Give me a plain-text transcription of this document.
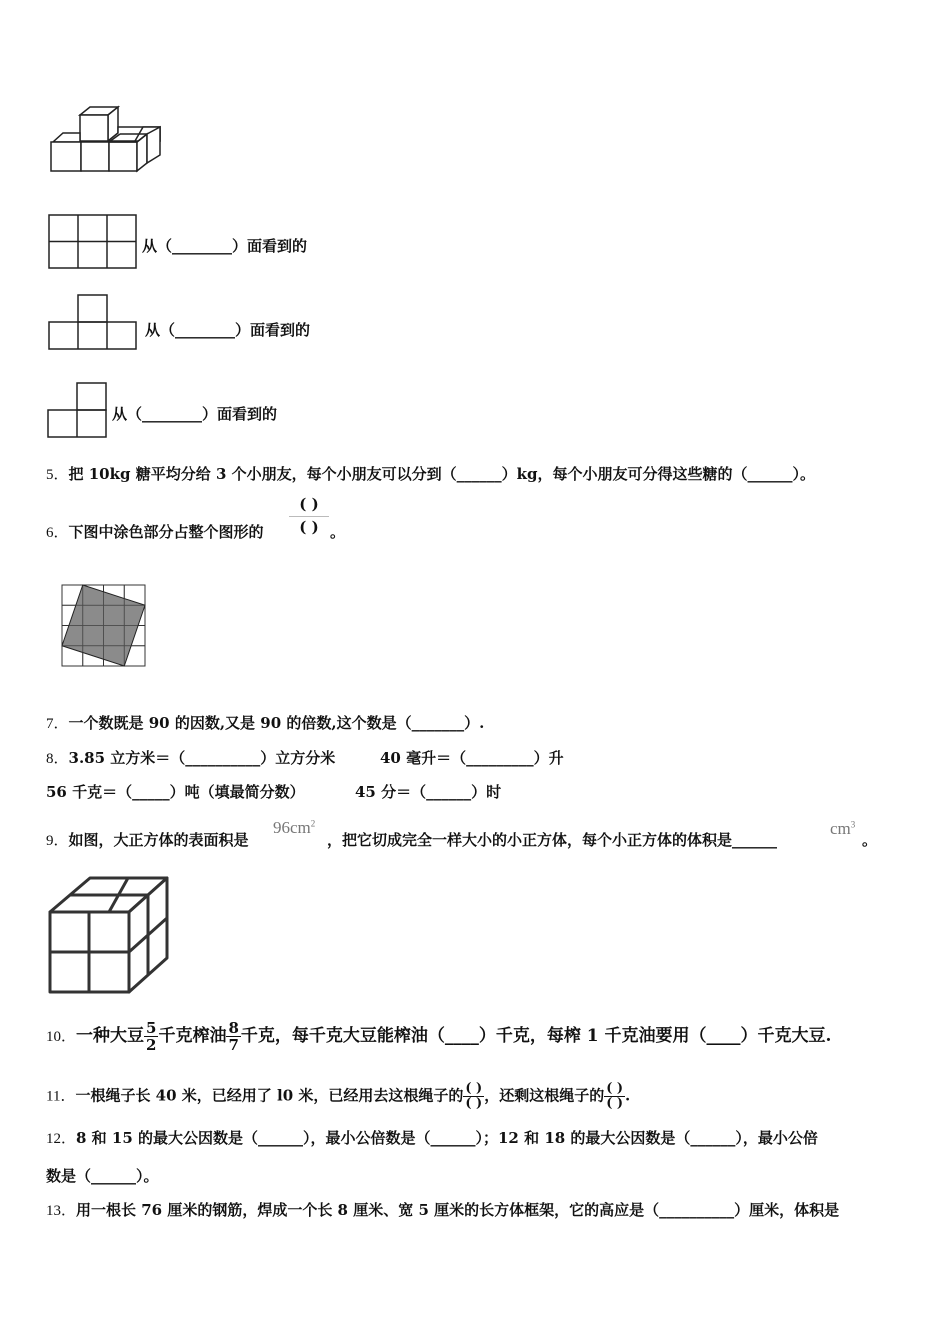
从（________）面看到的
从（________）面看到的
从（________）面看到的
5．把 10kg 糖平均分给 3 个小朋友，每个小朋友可以分到（______）kg，每个小朋友可分得这些糖的（______）。
6．下图中涂色部分占整个图形的
( )
( ) 。
7．一个数既是 90 的因数,又是 90 的倍数,这个数是（_______）.
8．3.85 立方米＝（__________）立方分米	40 毫升＝（_________）升
56 千克＝（_____）吨（填最简分数）	45 分＝（______）时
9．如图，大正方体的表面积是
$96cm^2$
，把它切成完全一样大小的小正方体，每个小正方体的体积是______
$cm^3$
。
10．一种大豆 $\frac{5}{2}$ 千克榨油 $\frac{8}{7}$ 千克，每千克大豆能榨油（____）千克，每榨 1 千克油要用（____）千克大豆.
11．一根绳子长 40 米，已经用了 l0 米，已经用去这根绳子的 $\frac{( )}{( )}$ ，还剩这根绳子的 $\frac{( )}{( )}$ .
12．8 和 15 的最大公因数是（______），最小公倍数是（______）；12 和 18 的最大公因数是（______），最小公倍
数是（______）。
13．用一根长 76 厘米的钢筋，焊成一个长 8 厘米、宽 5 厘米的长方体框架，它的高应是（__________）厘米，体积是
